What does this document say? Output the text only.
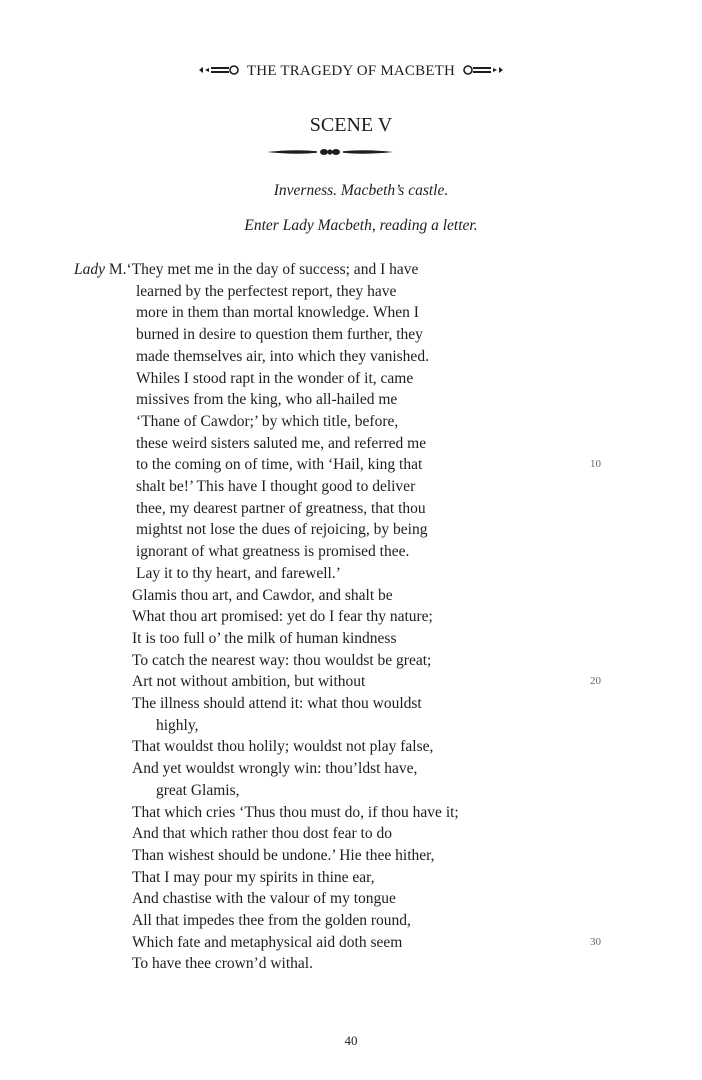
THE TRAGEDY OF MACBETH
SCENE V
Inverness. Macbeth’s castle.
Enter Lady Macbeth, reading a letter.
Lady M.‘They met me in the day of success; and I have
learned by the perfectest report, they have
more in them than mortal knowledge. When I
burned in desire to question them further, they
made themselves air, into which they vanished.
Whiles I stood rapt in the wonder of it, came
missives from the king, who all-hailed me
‘Thane of Cawdor;’ by which title, before,
these weird sisters saluted me, and referred me
to the coming on of time, with ‘Hail, king that	10
shalt be!’ This have I thought good to deliver
thee, my dearest partner of greatness, that thou
mightst not lose the dues of rejoicing, by being
ignorant of what greatness is promised thee.
Lay it to thy heart, and farewell.’
Glamis thou art, and Cawdor, and shalt be
What thou art promised: yet do I fear thy nature;
It is too full o’ the milk of human kindness
To catch the nearest way: thou wouldst be great;
Art not without ambition, but without	20
The illness should attend it: what thou wouldst
highly,
That wouldst thou holily; wouldst not play false,
And yet wouldst wrongly win: thou’ldst have,
great Glamis,
That which cries ‘Thus thou must do, if thou have it;
And that which rather thou dost fear to do
Than wishest should be undone.’ Hie thee hither,
That I may pour my spirits in thine ear,
And chastise with the valour of my tongue
All that impedes thee from the golden round,
Which fate and metaphysical aid doth seem	30
To have thee crown’d withal.
40
